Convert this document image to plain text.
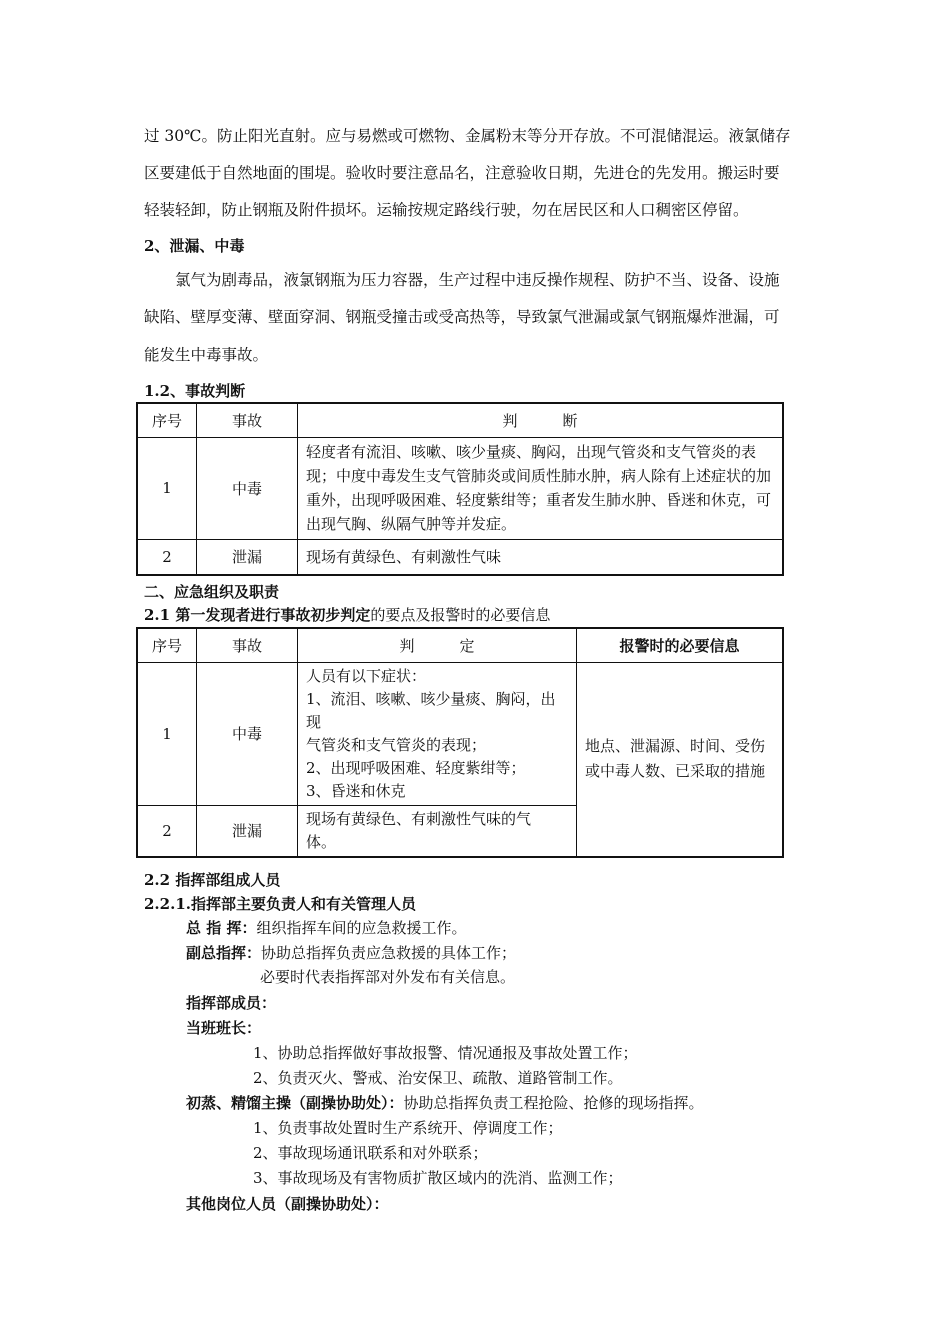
过 30℃。防止阳光直射。应与易燃或可燃物、金属粉末等分开存放。不可混储混运。液氯储存
区要建低于自然地面的围堤。验收时要注意品名，注意验收日期，先进仓的先发用。搬运时要
轻装轻卸，防止钢瓶及附件损坏。运输按规定路线行驶，勿在居民区和人口稠密区停留。
2、泄漏、中毒
氯气为剧毒品，液氯钢瓶为压力容器，生产过程中违反操作规程、防护不当、设备、设施
缺陷、壁厚变薄、壁面穿洞、钢瓶受撞击或受高热等，导致氯气泄漏或氯气钢瓶爆炸泄漏，可
能发生中毒事故。
1.2、事故判断
序号	事故	判　　　断
1	中毒	轻度者有流泪、咳嗽、咳少量痰、胸闷，出现气管炎和支气管炎的表现；中度中毒发生支气管肺炎或间质性肺水肿，病人除有上述症状的加重外，出现呼吸困难、轻度紫绀等；重者发生肺水肿、昏迷和休克，可出现气胸、纵隔气肿等并发症。
2	泄漏	现场有黄绿色、有刺激性气味
二、应急组织及职责
2.1 第一发现者进行事故初步判定的要点及报警时的必要信息
序号	事故	判　　　定	报警时的必要信息
1	中毒	人员有以下症状：
1、流泪、咳嗽、咳少量痰、胸闷，出现
气管炎和支气管炎的表现；
2、出现呼吸困难、轻度紫绀等；
3、昏迷和休克	地点、泄漏源、时间、受伤或中毒人数、已采取的措施
2	泄漏	现场有黄绿色、有刺激性气味的气
体。	
2.2 指挥部组成人员
2.2.1.指挥部主要负责人和有关管理人员
总 指 挥：组织指挥车间的应急救援工作。
副总指挥：协助总指挥负责应急救援的具体工作；
必要时代表指挥部对外发布有关信息。
指挥部成员：
当班班长：
1、协助总指挥做好事故报警、情况通报及事故处置工作；
2、负责灭火、警戒、治安保卫、疏散、道路管制工作。
初蒸、精馏主操（副操协助处）：协助总指挥负责工程抢险、抢修的现场指挥。
1、负责事故处置时生产系统开、停调度工作；
2、事故现场通讯联系和对外联系；
3、事故现场及有害物质扩散区域内的洗消、监测工作；
其他岗位人员（副操协助处）：
